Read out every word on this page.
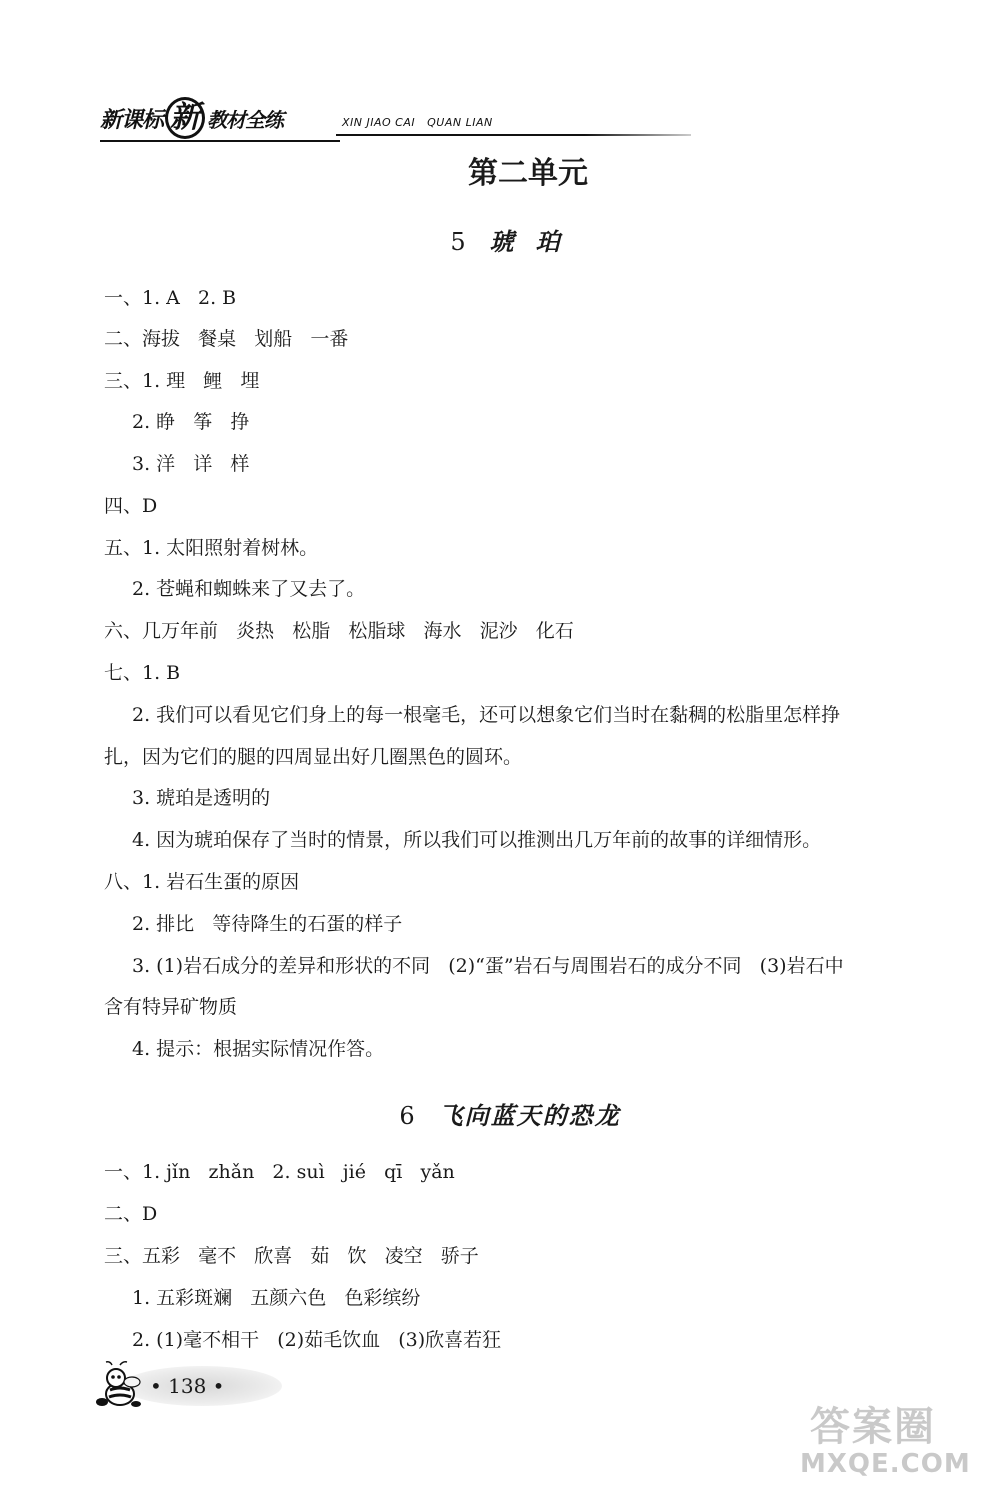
新课标 新 教材全练	XIN JIAO CAI   QUAN LIAN
第二单元
5 琥珀
一、1. A   2. B
二、海拔   餐桌   划船   一番
三、1. 理   鲤   埋
2. 睁   筝   挣
3. 洋   详   样
四、D
五、1. 太阳照射着树林。
2. 苍蝇和蜘蛛来了又去了。
六、几万年前   炎热   松脂   松脂球   海水   泥沙   化石
七、1. B
2. 我们可以看见它们身上的每一根毫毛，还可以想象它们当时在黏稠的松脂里怎样挣
扎，因为它们的腿的四周显出好几圈黑色的圆环。
3. 琥珀是透明的
4. 因为琥珀保存了当时的情景，所以我们可以推测出几万年前的故事的详细情形。
八、1. 岩石生蛋的原因
2. 排比   等待降生的石蛋的样子
3. (1)岩石成分的差异和形状的不同   (2)“蛋”岩石与周围岩石的成分不同   (3)岩石中
含有特异矿物质
4. 提示：根据实际情况作答。
6 飞向蓝天的恐龙
一、1. jǐn   zhǎn   2. suì   jié   qī   yǎn
二、D
三、五彩   毫不   欣喜   茹   饮   凌空   骄子
1. 五彩斑斓   五颜六色   色彩缤纷
2. (1)毫不相干   (2)茹毛饮血   (3)欣喜若狂
• 138 •
答案圈
MXQE.COM
